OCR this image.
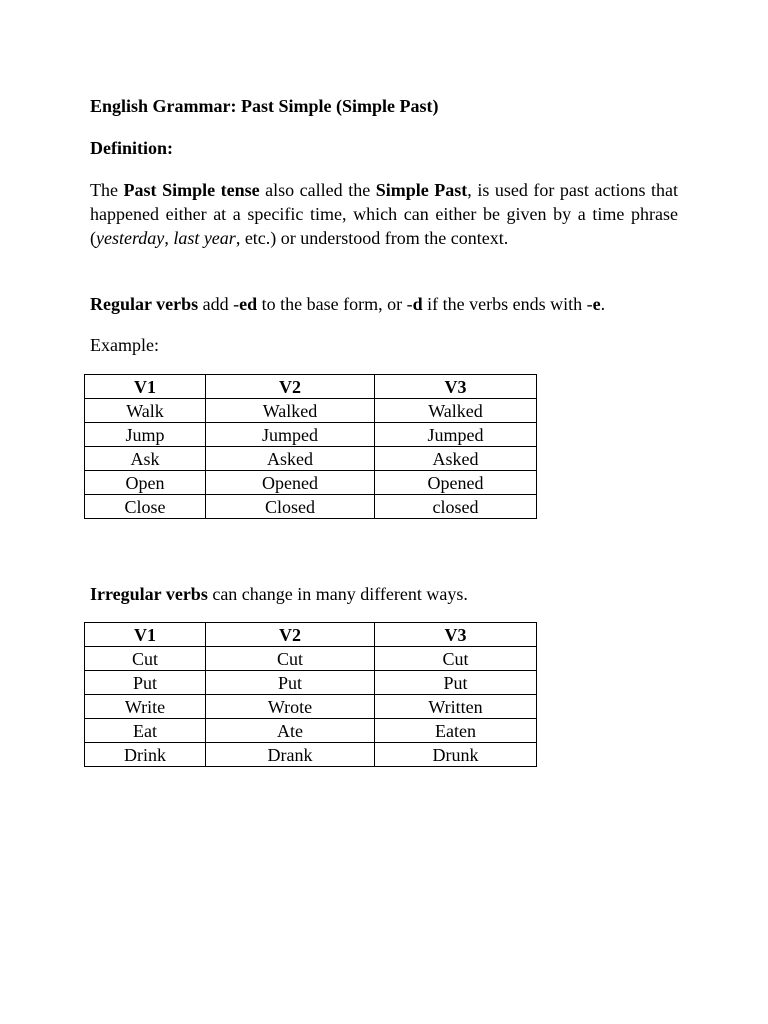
English Grammar: Past Simple (Simple Past)
Definition:
The Past Simple tense also called the Simple Past, is used for past actions that happened either at a specific time, which can either be given by a time phrase (yesterday, last year, etc.) or understood from the context.
Regular verbs add -ed to the base form, or -d if the verbs ends with -e.
Example:
V1	V2	V3
Walk	Walked	Walked
Jump	Jumped	Jumped
Ask	Asked	Asked
Open	Opened	Opened
Close	Closed	closed
Irregular verbs can change in many different ways.
V1	V2	V3
Cut	Cut	Cut
Put	Put	Put
Write	Wrote	Written
Eat	Ate	Eaten
Drink	Drank	Drunk
